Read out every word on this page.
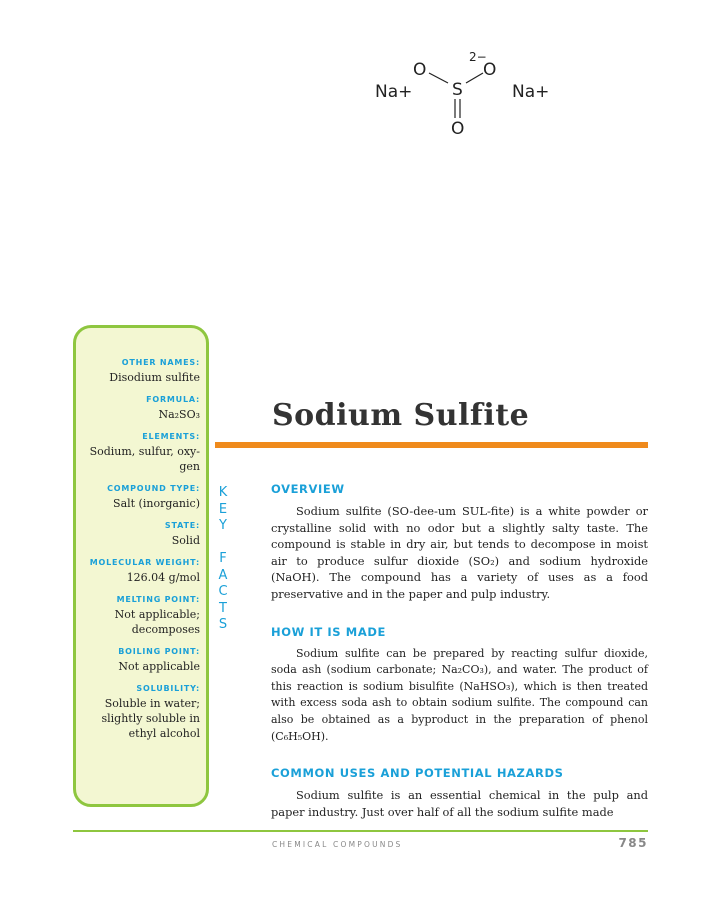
Na+
O	O
2−
S
O
Na+
OTHER NAMES:
Disodium sulfite
FORMULA:
Na₂SO₃
ELEMENTS:
Sodium, sulfur, oxy-
gen
COMPOUND TYPE:
Salt (inorganic)
STATE:
Solid
MOLECULAR WEIGHT:
126.04 g/mol
MELTING POINT:
Not applicable;
decomposes
BOILING POINT:
Not applicable
SOLUBILITY:
Soluble in water;
slightly soluble in
ethyl alcohol
K
E
Y

F
A
C
T
S
Sodium Sulfite
OVERVIEW

Sodium sulfite (SO-dee-um SUL-fite) is a white powder or crystalline solid with no odor but a slightly salty taste. The compound is stable in dry air, but tends to decompose in moist air to produce sulfur dioxide (SO₂) and sodium hydroxide (NaOH). The compound has a variety of uses as a food preservative and in the paper and pulp industry.

HOW IT IS MADE

Sodium sulfite can be prepared by reacting sulfur dioxide, soda ash (sodium carbonate; Na₂CO₃), and water. The product of this reaction is sodium bisulfite (NaHSO₃), which is then treated with excess soda ash to obtain sodium sulfite. The compound can also be obtained as a byproduct in the preparation of phenol (C₆H₅OH).

COMMON USES AND POTENTIAL HAZARDS

Sodium sulfite is an essential chemical in the pulp and paper industry. Just over half of all the sodium sulfite made

CHEMICAL COMPOUNDS	785
